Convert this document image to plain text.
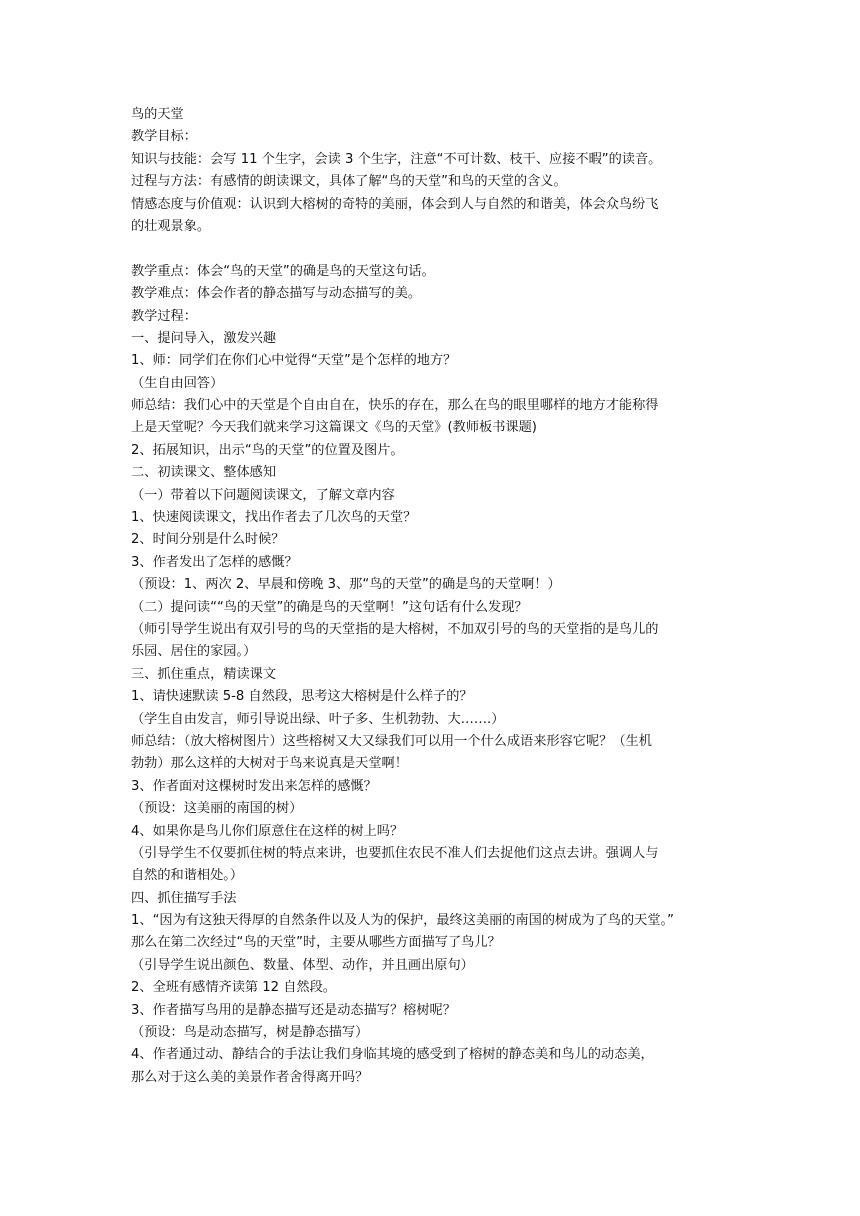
鸟的天堂
教学目标：
知识与技能：会写 11 个生字，会读 3 个生字，注意“不可计数、枝干、应接不暇”的读音。
过程与方法：有感情的朗读课文，具体了解“鸟的天堂”和鸟的天堂的含义。
情感态度与价值观：认识到大榕树的奇特的美丽，体会到人与自然的和谐美，体会众鸟纷飞
的壮观景象。
教学重点：体会“鸟的天堂”的确是鸟的天堂这句话。
教学难点：体会作者的静态描写与动态描写的美。
教学过程：
一、提问导入，激发兴趣
1、师：同学们在你们心中觉得“天堂”是个怎样的地方？
（生自由回答）
师总结：我们心中的天堂是个自由自在，快乐的存在，那么在鸟的眼里哪样的地方才能称得
上是天堂呢？今天我们就来学习这篇课文《鸟的天堂》(教师板书课题)
2、拓展知识，出示“鸟的天堂”的位置及图片。
二、初读课文、整体感知
（一）带着以下问题阅读课文，了解文章内容
1、快速阅读课文，找出作者去了几次鸟的天堂？
2、时间分别是什么时候？
3、作者发出了怎样的感慨？
（预设：1、两次 2、早晨和傍晚 3、那“鸟的天堂”的确是鸟的天堂啊！）
（二）提问读““鸟的天堂”的确是鸟的天堂啊！”这句话有什么发现？
（师引导学生说出有双引号的鸟的天堂指的是大榕树，不加双引号的鸟的天堂指的是鸟儿的
乐园、居住的家园。）
三、抓住重点，精读课文
1、请快速默读 5-8 自然段，思考这大榕树是什么样子的？
（学生自由发言，师引导说出绿、叶子多、生机勃勃、大…….）
师总结：（放大榕树图片）这些榕树又大又绿我们可以用一个什么成语来形容它呢？（生机
勃勃）那么这样的大树对于鸟来说真是天堂啊！
3、作者面对这棵树时发出来怎样的感慨？
（预设：这美丽的南国的树）
4、如果你是鸟儿你们原意住在这样的树上吗？
（引导学生不仅要抓住树的特点来讲，也要抓住农民不准人们去捉他们这点去讲。强调人与
自然的和谐相处。）
四、抓住描写手法
1、“因为有这独天得厚的自然条件以及人为的保护，最终这美丽的南国的树成为了鸟的天堂。”
那么在第二次经过“鸟的天堂”时，主要从哪些方面描写了鸟儿？
（引导学生说出颜色、数量、体型、动作，并且画出原句）
2、全班有感情齐读第 12 自然段。
3、作者描写鸟用的是静态描写还是动态描写？榕树呢？
（预设：鸟是动态描写，树是静态描写）
4、作者通过动、静结合的手法让我们身临其境的感受到了榕树的静态美和鸟儿的动态美，
那么对于这么美的美景作者舍得离开吗？
